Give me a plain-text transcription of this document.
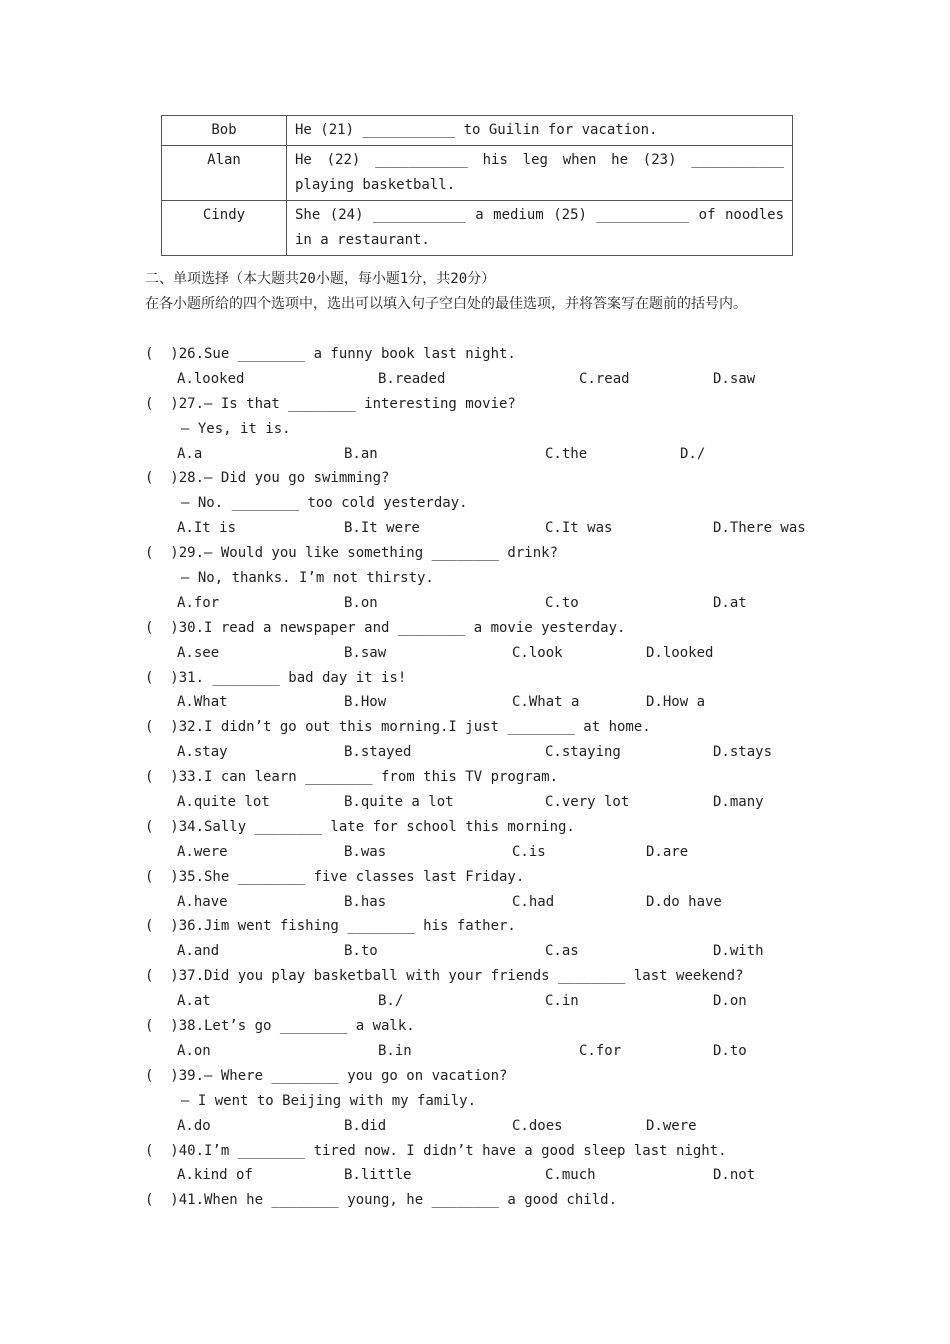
Bob	He (21) ___________ to Guilin for vacation.
Alan	He (22) ___________ his leg when he (23) ___________ playing basketball.
Cindy	She (24) ___________ a medium (25) ___________ of noodles in a restaurant.

二、单项选择（本大题共20小题，每小题1分，共20分）

在各小题所给的四个选项中，选出可以填入句子空白处的最佳选项，并将答案写在题前的括号内。

(  )26.Sue ________ a funny book last night.
A.looked	B.readed	C.read	D.saw
(  )27.— Is that ________ interesting movie?
— Yes, it is.
A.a	B.an	C.the	D./
(  )28.— Did you go swimming?
— No. ________ too cold yesterday.
A.It is	B.It were	C.It was	D.There was
(  )29.— Would you like something ________ drink?
— No, thanks. I’m not thirsty.
A.for	B.on	C.to	D.at
(  )30.I read a newspaper and ________ a movie yesterday.
A.see	B.saw	C.look	D.looked
(  )31. ________ bad day it is!
A.What	B.How	C.What a	D.How a
(  )32.I didn’t go out this morning.I just ________ at home.
A.stay	B.stayed	C.staying	D.stays
(  )33.I can learn ________ from this TV program.
A.quite lot	B.quite a lot	C.very lot	D.many
(  )34.Sally ________ late for school this morning.
A.were	B.was	C.is	D.are
(  )35.She ________ five classes last Friday.
A.have	B.has	C.had	D.do have
(  )36.Jim went fishing ________ his father.
A.and	B.to	C.as	D.with
(  )37.Did you play basketball with your friends ________ last weekend?
A.at	B./	C.in	D.on
(  )38.Let’s go ________ a walk.
A.on	B.in	C.for	D.to
(  )39.— Where ________ you go on vacation?
— I went to Beijing with my family.
A.do	B.did	C.does	D.were
(  )40.I’m ________ tired now. I didn’t have a good sleep last night.
A.kind of	B.little	C.much	D.not
(  )41.When he ________ young, he ________ a good child.
